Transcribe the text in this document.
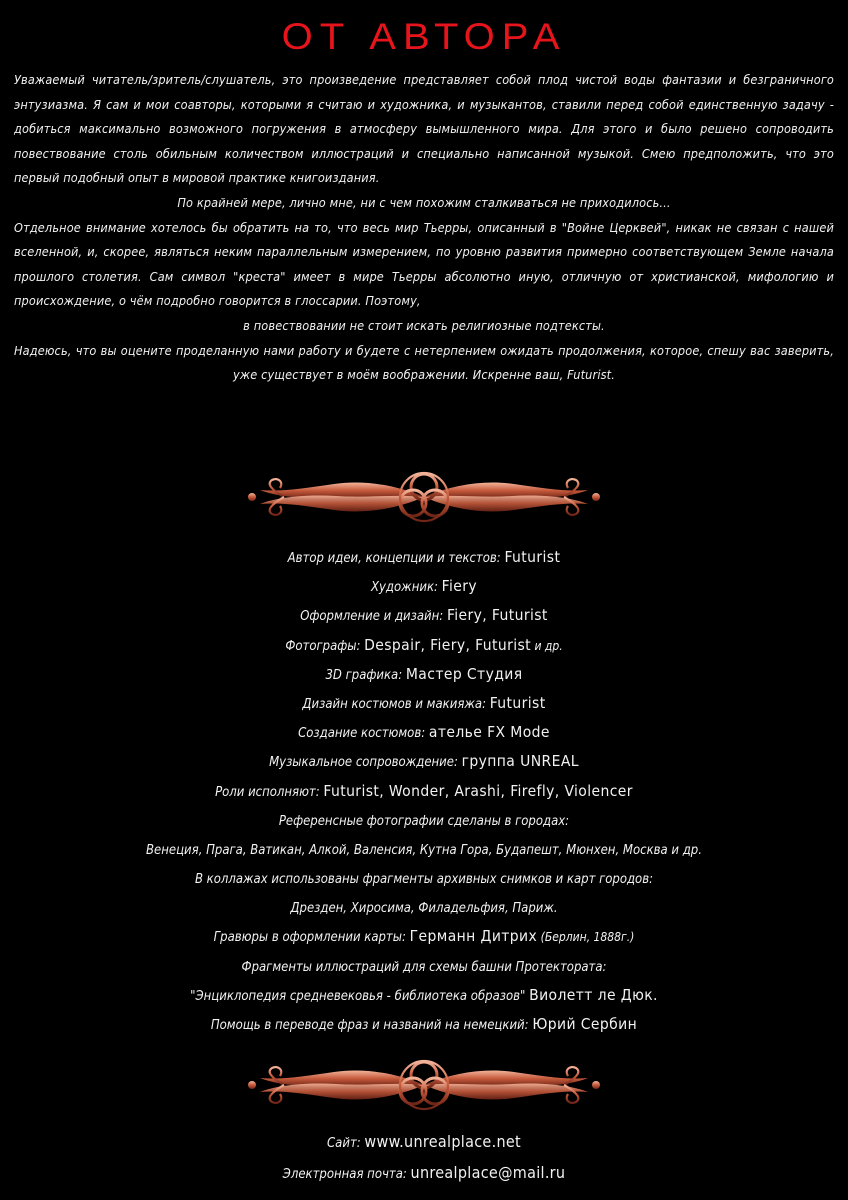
ОТ АВТОРА

Уважаемый читатель/зритель/слушатель, это произведение представляет собой плод чистой воды фантазии и безграничного энтузиазма. Я сам и мои соавторы, которыми я считаю и художника, и музыкантов, ставили перед собой единственную задачу - добиться максимально возможного погружения в атмосферу вымышленного мира. Для этого и было решено сопроводить повествование столь обильным количеством иллюстраций и специально написанной музыкой. Смею предположить, что это первый подобный опыт в мировой практике книгоиздания.

По крайней мере, лично мне, ни с чем похожим сталкиваться не приходилось...

Отдельное внимание хотелось бы обратить на то, что весь мир Тьерры, описанный в "Войне Церквей", никак не связан с нашей вселенной, и, скорее, являться неким параллельным измерением, по уровню развития примерно соответствующем Земле начала прошлого столетия. Сам символ "креста" имеет в мире Тьерры абсолютно иную, отличную от христианской, мифологию и происхождение, о чём подробно говорится в глоссарии. Поэтому,

в повествовании не стоит искать религиозные подтексты.

Надеюсь, что вы оцените проделанную нами работу и будете с нетерпением ожидать продолжения, которое, спешу вас заверить, уже существует в моём воображении. Искренне ваш, Futurist.

Автор идеи, концепции и текстов: Futurist
Художник: Fiery
Оформление и дизайн: Fiery, Futurist
Фотографы: Despair, Fiery, Futurist и др.
3D графика: Мастер Студия
Дизайн костюмов и макияжа: Futurist
Создание костюмов: ателье FX Mode
Музыкальное сопровождение: группа UNREAL
Роли исполняют: Futurist, Wonder, Arashi, Firefly, Violencer
Референсные фотографии сделаны в городах:
Венеция, Прага, Ватикан, Алкой, Валенсия, Кутна Гора, Будапешт, Мюнхен, Москва и др.
В коллажах использованы фрагменты архивных снимков и карт городов:
Дрезден, Хиросима, Филадельфия, Париж.
Гравюры в оформлении карты: Германн Дитрих (Берлин, 1888г.)
Фрагменты иллюстраций для схемы башни Протектората:
"Энциклопедия средневековья - библиотека образов" Виолетт ле Дюк.
Помощь в переводе фраз и названий на немецкий: Юрий Сербин
Сайт: www.unrealplace.net
Электронная почта: unrealplace@mail.ru
